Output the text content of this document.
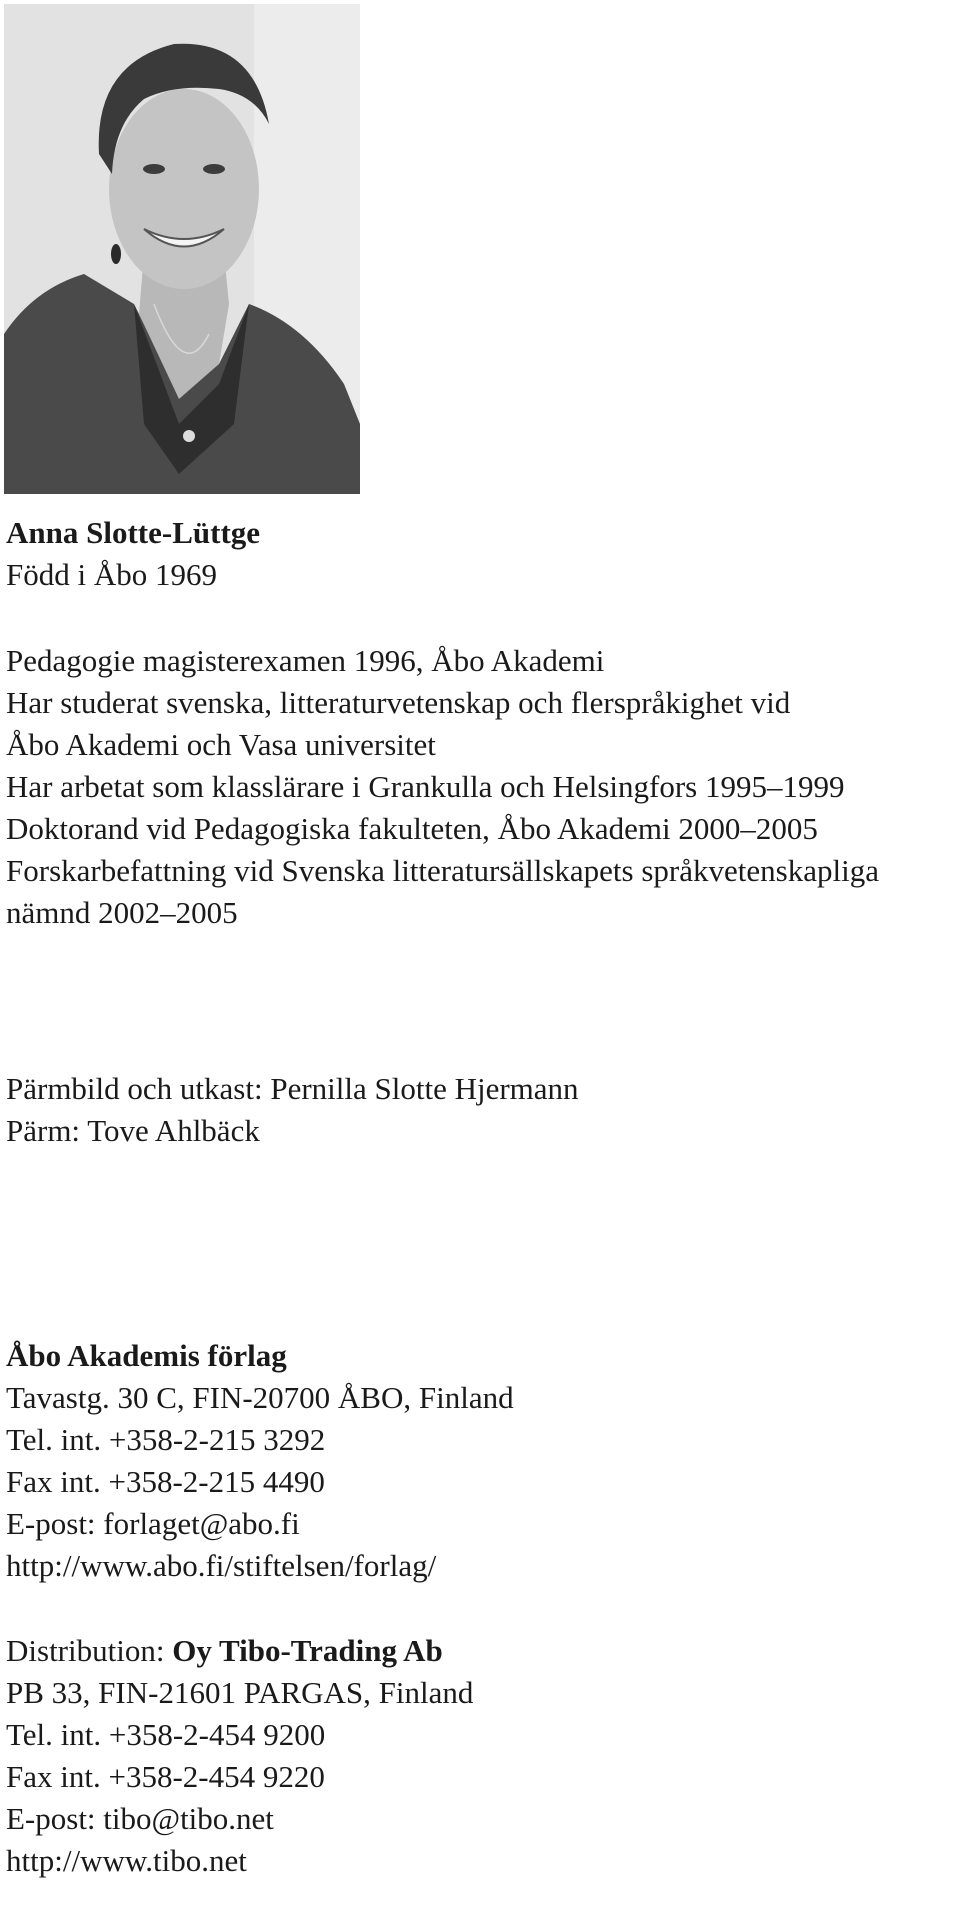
Anna Slotte-Lüttge
Född i Åbo 1969
Pedagogie magisterexamen 1996, Åbo Akademi
Har studerat svenska, litteraturvetenskap och flerspråkighet vid
Åbo Akademi och Vasa universitet
Har arbetat som klasslärare i Grankulla och Helsingfors 1995–1999
Doktorand vid Pedagogiska fakulteten, Åbo Akademi 2000–2005
Forskarbefattning vid Svenska litteratursällskapets språkvetenskapliga
nämnd 2002–2005
Pärmbild och utkast: Pernilla Slotte Hjermann
Pärm: Tove Ahlbäck
Åbo Akademis förlag
Tavastg. 30 C, FIN-20700 ÅBO, Finland
Tel. int. +358-2-215 3292
Fax int. +358-2-215 4490
E-post: forlaget@abo.fi
http://www.abo.fi/stiftelsen/forlag/
Distribution: Oy Tibo-Trading Ab
PB 33, FIN-21601 PARGAS, Finland
Tel. int. +358-2-454 9200
Fax int. +358-2-454 9220
E-post: tibo@tibo.net
http://www.tibo.net
